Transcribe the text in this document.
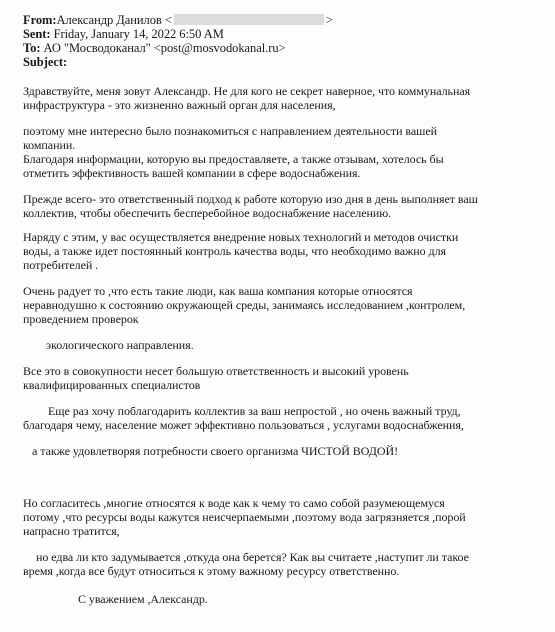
From:Александр Данилов <	>
Sent: Friday, January 14, 2022 6:50 AM
To: АО "Мосводоканал" <post@mosvodokanal.ru>
Subject:
Здравствуйте, меня зовут Александр. Не для кого не секрет наверное, что коммунальная
инфраструктура - это жизненно важный орган для населения,
поэтому мне интересно было познакомиться с направлением деятельности вашей
компании.
Благодаря информации, которую вы предоставляете, а также отзывам, хотелось бы
отметить эффективность вашей компании в сфере водоснабжения.
Прежде всего- это ответственный подход к работе которую изо дня в день выполняет ваш
коллектив, чтобы обеспечить бесперебойное водоснабжение населению.
Наряду с этим, у вас осуществляется внедрение новых технологий и методов очистки
воды, а также идет постоянный контроль качества воды, что необходимо важно для
потребителей .
Очень радует то ,что есть такие люди, как ваша компания которые относятся
неравнодушно к состоянию окружающей среды, занимаясь исследованием ,контролем,
проведением проверок
экологического направления.
Все это в совокупности несет большую ответственность и высокий уровень
квалифицированных специалистов
Еще раз хочу поблагодарить коллектив за ваш непростой , но очень важный труд,
благодаря чему, население может эффективно пользоваться , услугами водоснабжения,
а также удовлетворяя потребности своего организма ЧИСТОЙ ВОДОЙ!
Но согласитесь ,многие относятся к воде как к чему то само собой разумеющемуся
потому ,что ресурсы воды кажутся неисчерпаемыми ,поэтому вода загрязняется ,порой
напрасно тратится,
но едва ли кто задумывается ,откуда она берется? Как вы считаете ,наступит ли такое
время ,когда все будут относиться к этому важному ресурсу ответственно.
С уважением ,Александр.
